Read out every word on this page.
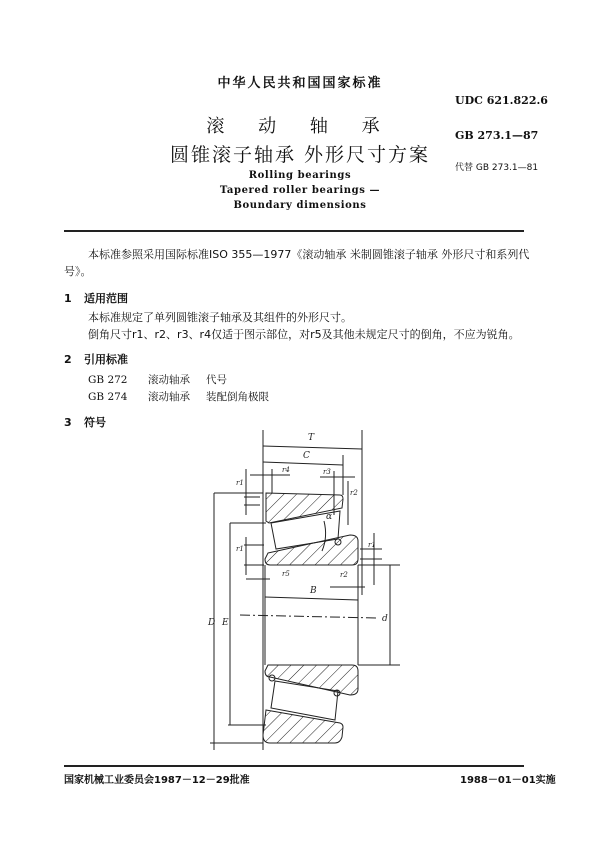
中华人民共和国国家标准
滚 动 轴 承
圆锥滚子轴承 外形尺寸方案
Rolling bearings
Tapered roller bearings —
Boundary dimensions
UDC 621.822.6
GB 273.1—87
代替 GB 273.1—81
本标准参照采用国际标准ISO 355—1977《滚动轴承 米制圆锥滚子轴承 外形尺寸和系列代号》。
1 适用范围
本标准规定了单列圆锥滚子轴承及其组件的外形尺寸。
倒角尺寸r1、r2、r3、r4仅适于图示部位，对r5及其他未规定尺寸的倒角，不应为锐角。
2 引用标准
GB 272 滚动轴承 代号
GB 274 滚动轴承 装配倒角极限
3 符号
T
C
B
D E	d
α
r4	r3
r1
r2
r1
r5	r2
r1
国家机械工业委员会1987－12－29批准	1988－01－01实施
